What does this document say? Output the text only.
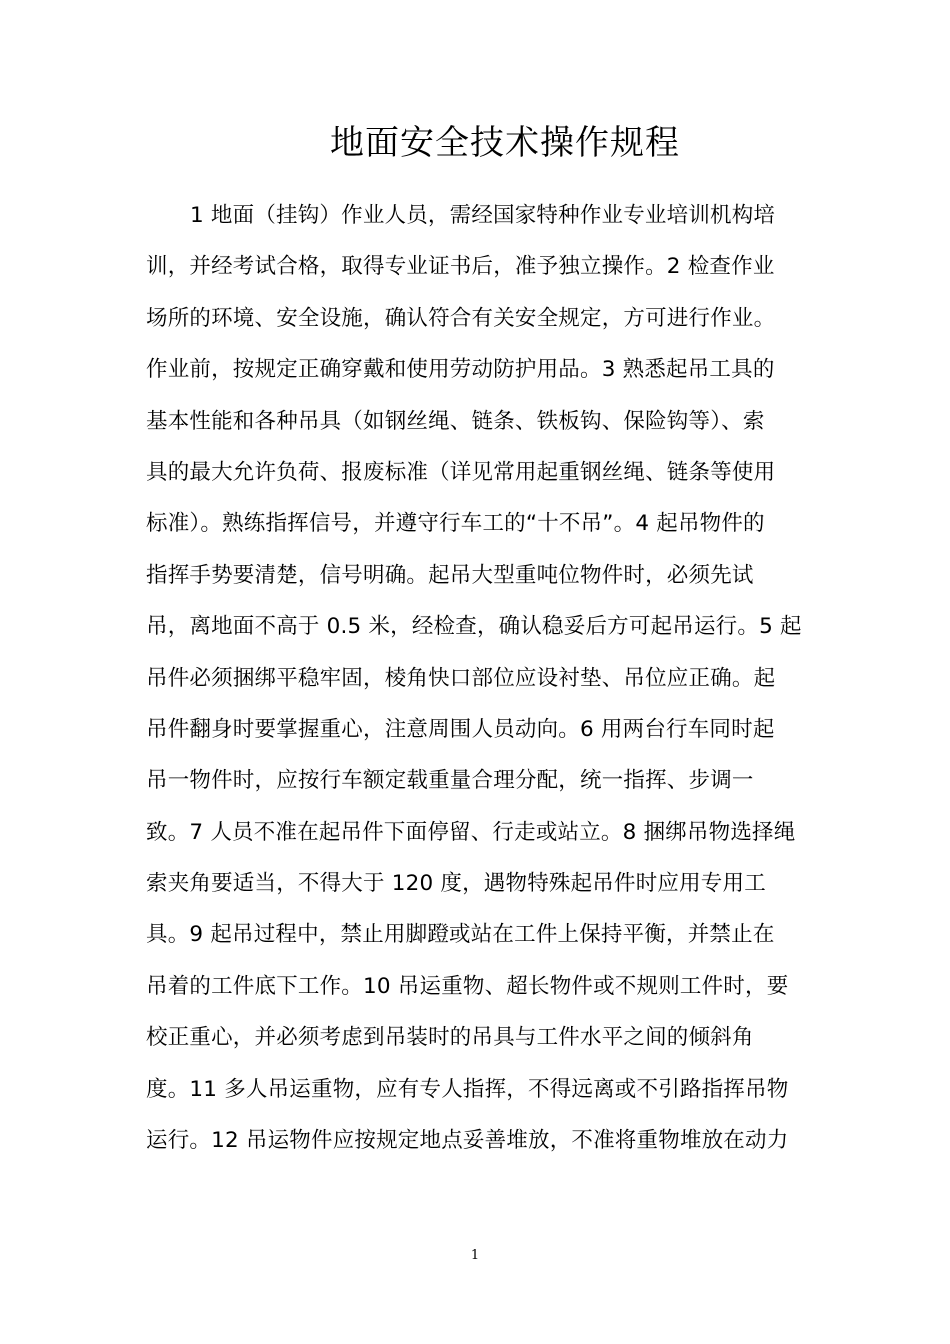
地面安全技术操作规程
1 地面（挂钩）作业人员，需经国家特种作业专业培训机构培
训，并经考试合格，取得专业证书后，准予独立操作。2 检查作业
场所的环境、安全设施，确认符合有关安全规定，方可进行作业。
作业前，按规定正确穿戴和使用劳动防护用品。3 熟悉起吊工具的
基本性能和各种吊具（如钢丝绳、链条、铁板钩、保险钩等）、索
具的最大允许负荷、报废标准（详见常用起重钢丝绳、链条等使用
标准）。熟练指挥信号，并遵守行车工的“十不吊”。4 起吊物件的
指挥手势要清楚，信号明确。起吊大型重吨位物件时，必须先试
吊，离地面不高于 0.5 米，经检查，确认稳妥后方可起吊运行。5 起
吊件必须捆绑平稳牢固，棱角快口部位应设衬垫、吊位应正确。起
吊件翻身时要掌握重心，注意周围人员动向。6 用两台行车同时起
吊一物件时，应按行车额定载重量合理分配，统一指挥、步调一
致。7 人员不准在起吊件下面停留、行走或站立。8 捆绑吊物选择绳
索夹角要适当，不得大于 120 度，遇物特殊起吊件时应用专用工
具。9 起吊过程中，禁止用脚蹬或站在工件上保持平衡，并禁止在
吊着的工件底下工作。10 吊运重物、超长物件或不规则工件时，要
校正重心，并必须考虑到吊装时的吊具与工件水平之间的倾斜角
度。11 多人吊运重物，应有专人指挥，不得远离或不引路指挥吊物
运行。12 吊运物件应按规定地点妥善堆放，不准将重物堆放在动力
1
